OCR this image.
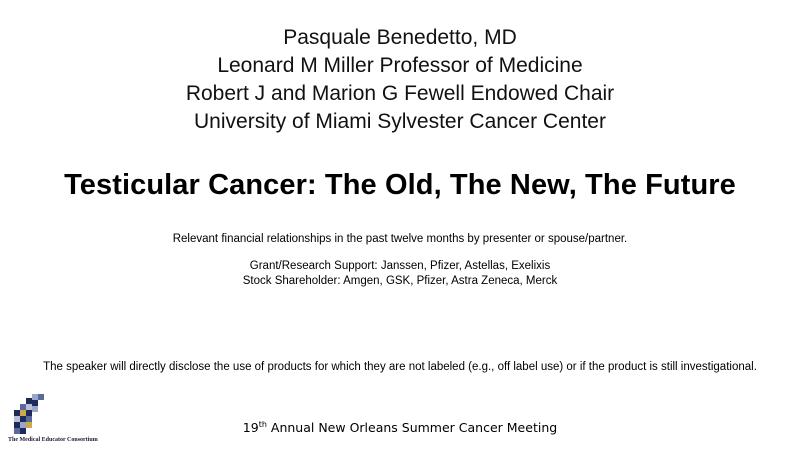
Pasquale Benedetto, MD
Leonard M Miller Professor of Medicine
Robert J and Marion G Fewell Endowed Chair
University of Miami Sylvester Cancer Center
Testicular Cancer: The Old, The New, The Future
Relevant financial relationships in the past twelve months by presenter or spouse/partner.
Grant/Research Support: Janssen, Pfizer, Astellas, Exelixis
Stock Shareholder: Amgen, GSK, Pfizer, Astra Zeneca, Merck
The speaker will directly disclose the use of products for which they are not labeled (e.g., off label use) or if the product is still investigational.
19th Annual New Orleans Summer Cancer Meeting
The Medical Educator Consortium
